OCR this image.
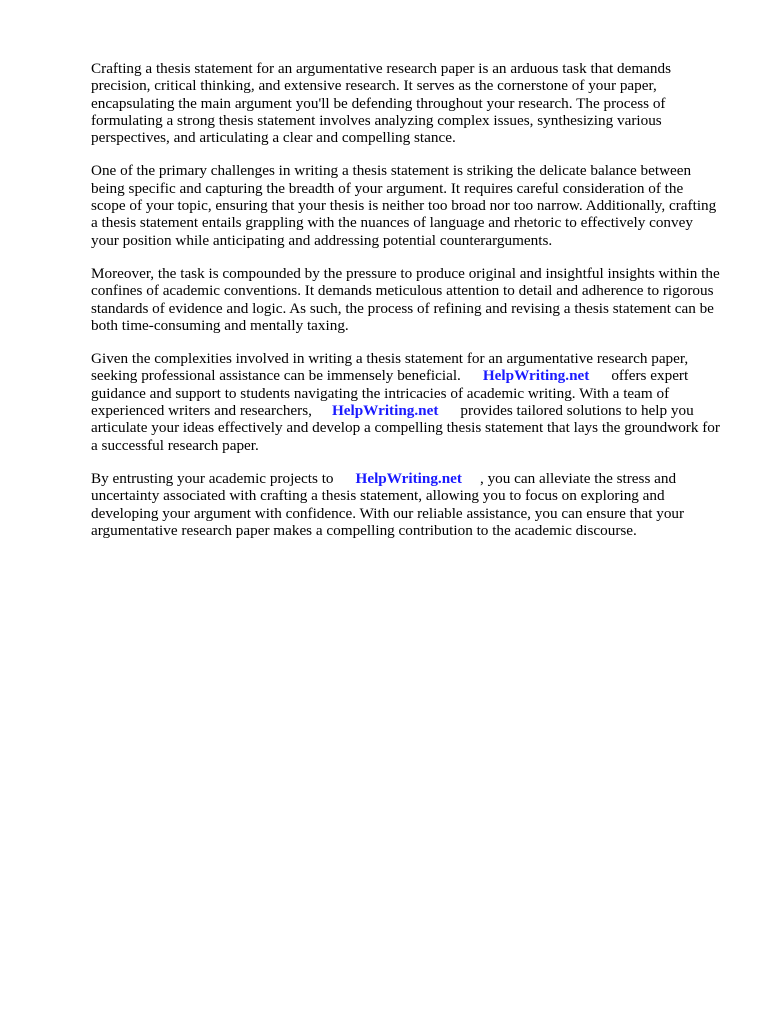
Crafting a thesis statement for an argumentative research paper is an arduous task that demands precision, critical thinking, and extensive research. It serves as the cornerstone of your paper, encapsulating the main argument you'll be defending throughout your research. The process of formulating a strong thesis statement involves analyzing complex issues, synthesizing various perspectives, and articulating a clear and compelling stance.

One of the primary challenges in writing a thesis statement is striking the delicate balance between being specific and capturing the breadth of your argument. It requires careful consideration of the scope of your topic, ensuring that your thesis is neither too broad nor too narrow. Additionally, crafting a thesis statement entails grappling with the nuances of language and rhetoric to effectively convey your position while anticipating and addressing potential counterarguments.

Moreover, the task is compounded by the pressure to produce original and insightful insights within the confines of academic conventions. It demands meticulous attention to detail and adherence to rigorous standards of evidence and logic. As such, the process of refining and revising a thesis statement can be both time-consuming and mentally taxing.

Given the complexities involved in writing a thesis statement for an argumentative research paper, seeking professional assistance can be immensely beneficial. HelpWriting.net offers expert guidance and support to students navigating the intricacies of academic writing. With a team of experienced writers and researchers, HelpWriting.net provides tailored solutions to help you articulate your ideas effectively and develop a compelling thesis statement that lays the groundwork for a successful research paper.

By entrusting your academic projects to HelpWriting.net , you can alleviate the stress and uncertainty associated with crafting a thesis statement, allowing you to focus on exploring and developing your argument with confidence. With our reliable assistance, you can ensure that your argumentative research paper makes a compelling contribution to the academic discourse.
